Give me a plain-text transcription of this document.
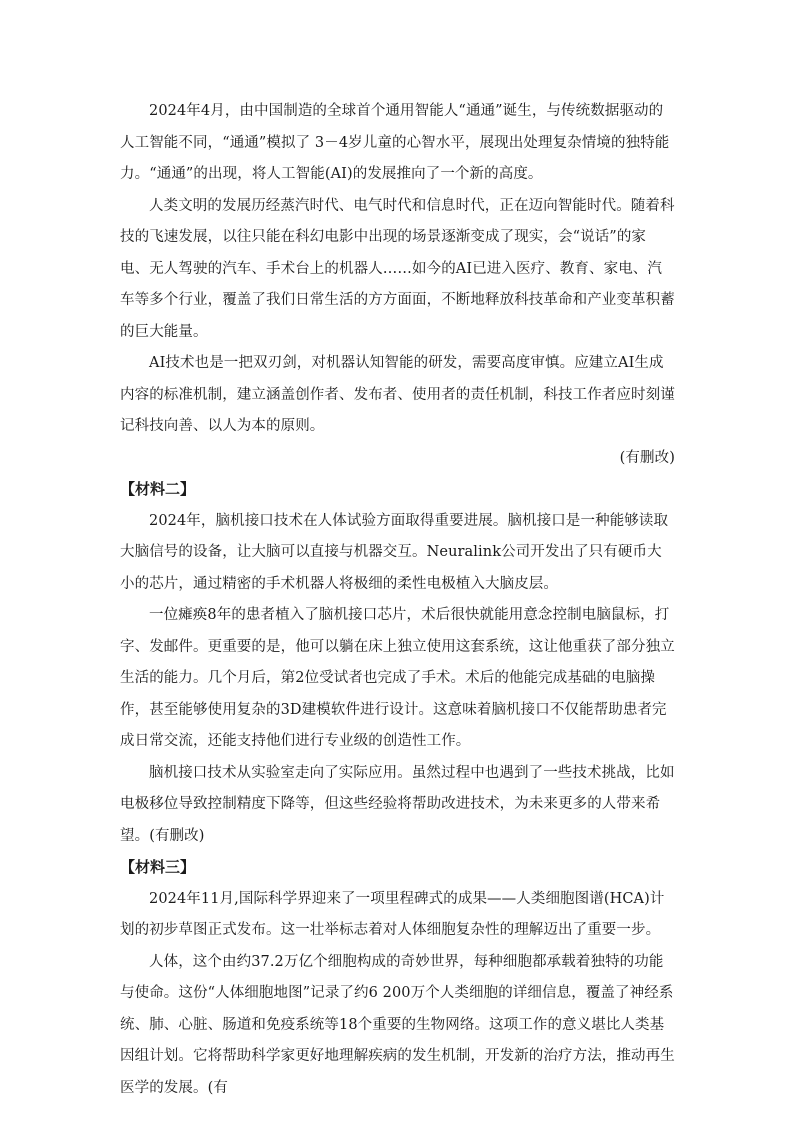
2024年4月，由中国制造的全球首个通用智能人“通通”诞生，与传统数据驱动的人工智能不同，“通通”模拟了 3－4岁儿童的心智水平，展现出处理复杂情境的独特能力。“通通”的出现，将人工智能(AI)的发展推向了一个新的高度。

人类文明的发展历经蒸汽时代、电气时代和信息时代，正在迈向智能时代。随着科技的飞速发展，以往只能在科幻电影中出现的场景逐渐变成了现实，会“说话”的家电、无人驾驶的汽车、手术台上的机器人……如今的AI已进入医疗、教育、家电、汽车等多个行业，覆盖了我们日常生活的方方面面，不断地释放科技革命和产业变革积蓄的巨大能量。

AI技术也是一把双刃剑，对机器认知智能的研发，需要高度审慎。应建立AI生成内容的标准机制，建立涵盖创作者、发布者、使用者的责任机制，科技工作者应时刻谨记科技向善、以人为本的原则。

(有删改)

【材料二】

2024年，脑机接口技术在人体试验方面取得重要进展。脑机接口是一种能够读取大脑信号的设备，让大脑可以直接与机器交互。Neuralink公司开发出了只有硬币大小的芯片，通过精密的手术机器人将极细的柔性电极植入大脑皮层。

一位瘫痪8年的患者植入了脑机接口芯片，术后很快就能用意念控制电脑鼠标，打字、发邮件。更重要的是，他可以躺在床上独立使用这套系统，这让他重获了部分独立生活的能力。几个月后，第2位受试者也完成了手术。术后的他能完成基础的电脑操作，甚至能够使用复杂的3D建模软件进行设计。这意味着脑机接口不仅能帮助患者完成日常交流，还能支持他们进行专业级的创造性工作。

脑机接口技术从实验室走向了实际应用。虽然过程中也遇到了一些技术挑战，比如电极移位导致控制精度下降等，但这些经验将帮助改进技术，为未来更多的人带来希望。(有删改)

【材料三】

2024年11月,国际科学界迎来了一项里程碑式的成果——人类细胞图谱(HCA)计划的初步草图正式发布。这一壮举标志着对人体细胞复杂性的理解迈出了重要一步。

人体，这个由约37.2万亿个细胞构成的奇妙世界，每种细胞都承载着独特的功能与使命。这份“人体细胞地图”记录了约6 200万个人类细胞的详细信息，覆盖了神经系统、肺、心脏、肠道和免疫系统等18个重要的生物网络。这项工作的意义堪比人类基因组计划。它将帮助科学家更好地理解疾病的发生机制，开发新的治疗方法，推动再生医学的发展。(有
